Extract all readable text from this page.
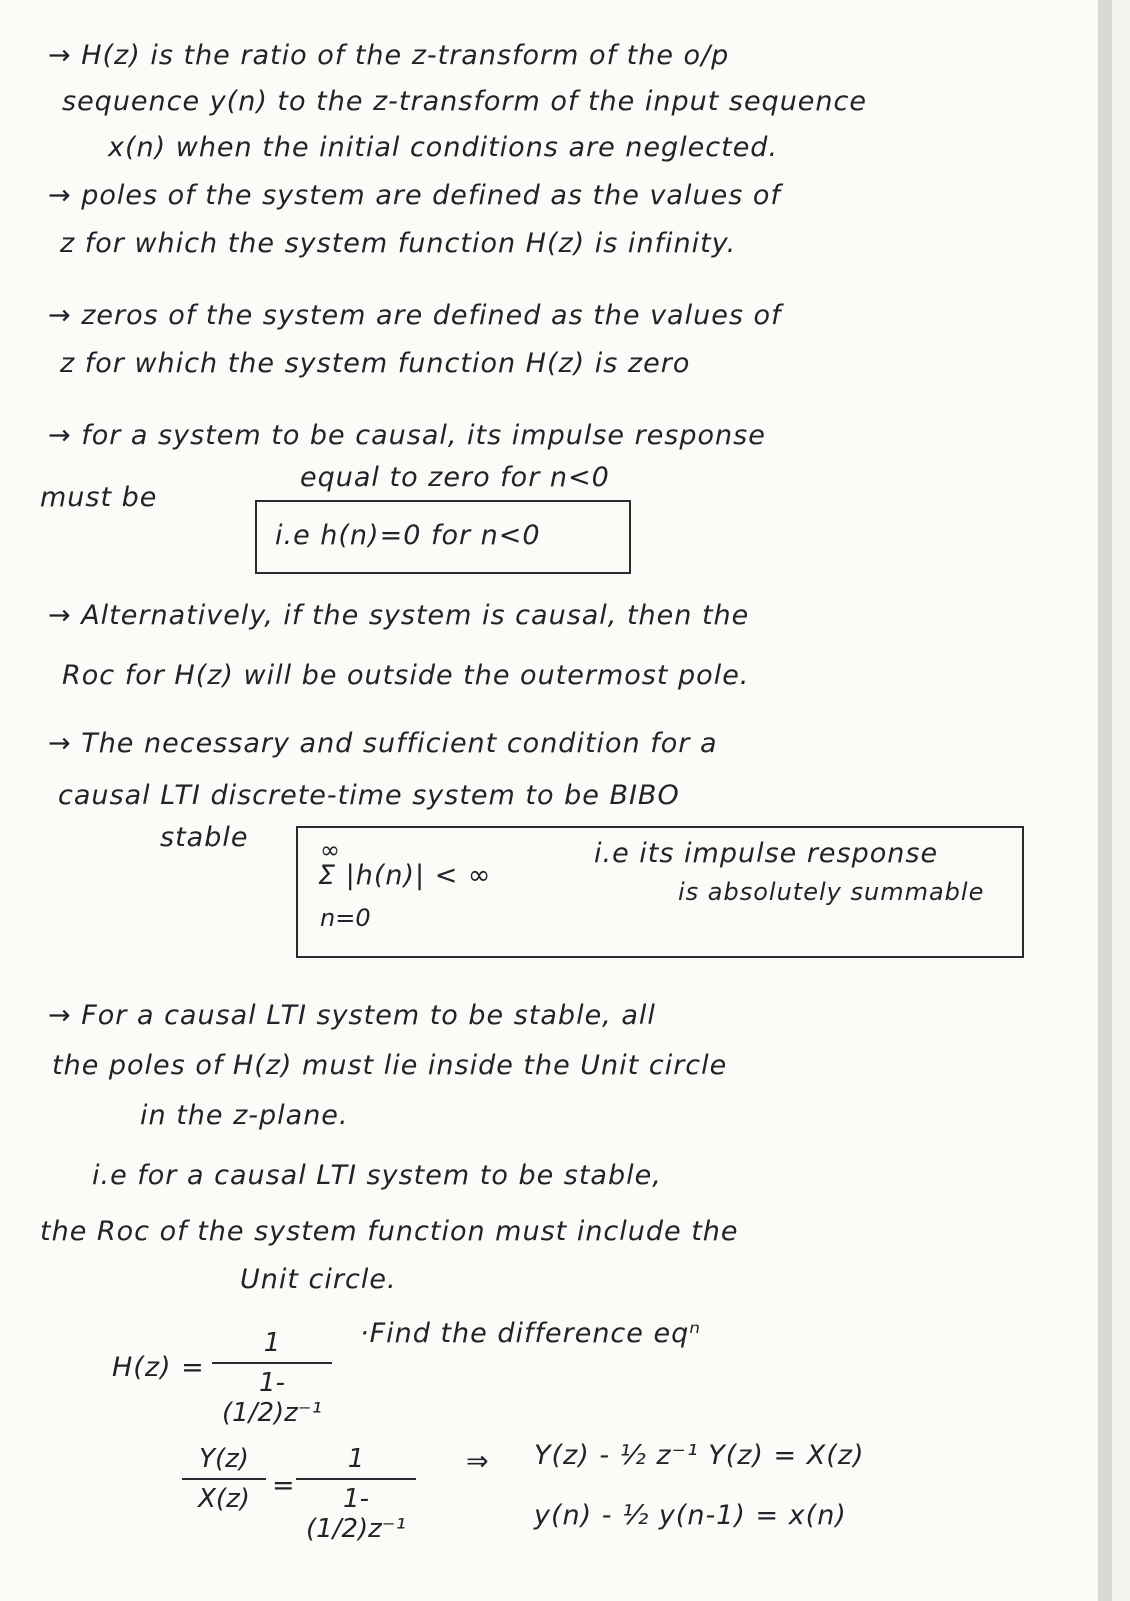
→ H(z) is the ratio of the z-transform of the o/p
sequence y(n) to the z-transform of the input sequence
x(n) when the initial conditions are neglected.
→ poles of the system are defined as the values of
z for which the system function H(z) is infinity.
→ zeros of the system are defined as the values of
z for which the system function H(z) is zero
→ for a system to be causal, its impulse response
must be
equal to zero for n<0
i.e h(n)=0 for n<0
→ Alternatively, if the system is causal, then the
Roc for H(z) will be outside the outermost pole.
→ The necessary and sufficient condition for a
causal LTI discrete-time system to be BIBO
stable	∞
Σ |h(n)| < ∞
n=0
i.e its impulse response
is absolutely summable
→ For a causal LTI system to be stable, all
the poles of H(z) must lie inside the Unit circle
in the z-plane.
i.e for a causal LTI system to be stable,
the Roc of the system function must include the
Unit circle.
H(z) =
1
1-(1/2)z⁻¹
·Find the difference eqⁿ
Y(z)
X(z) =
1
1-(1/2)z⁻¹
⇒ Y(z) - ½ z⁻¹ Y(z) = X(z)
y(n) - ½ y(n-1) = x(n)
